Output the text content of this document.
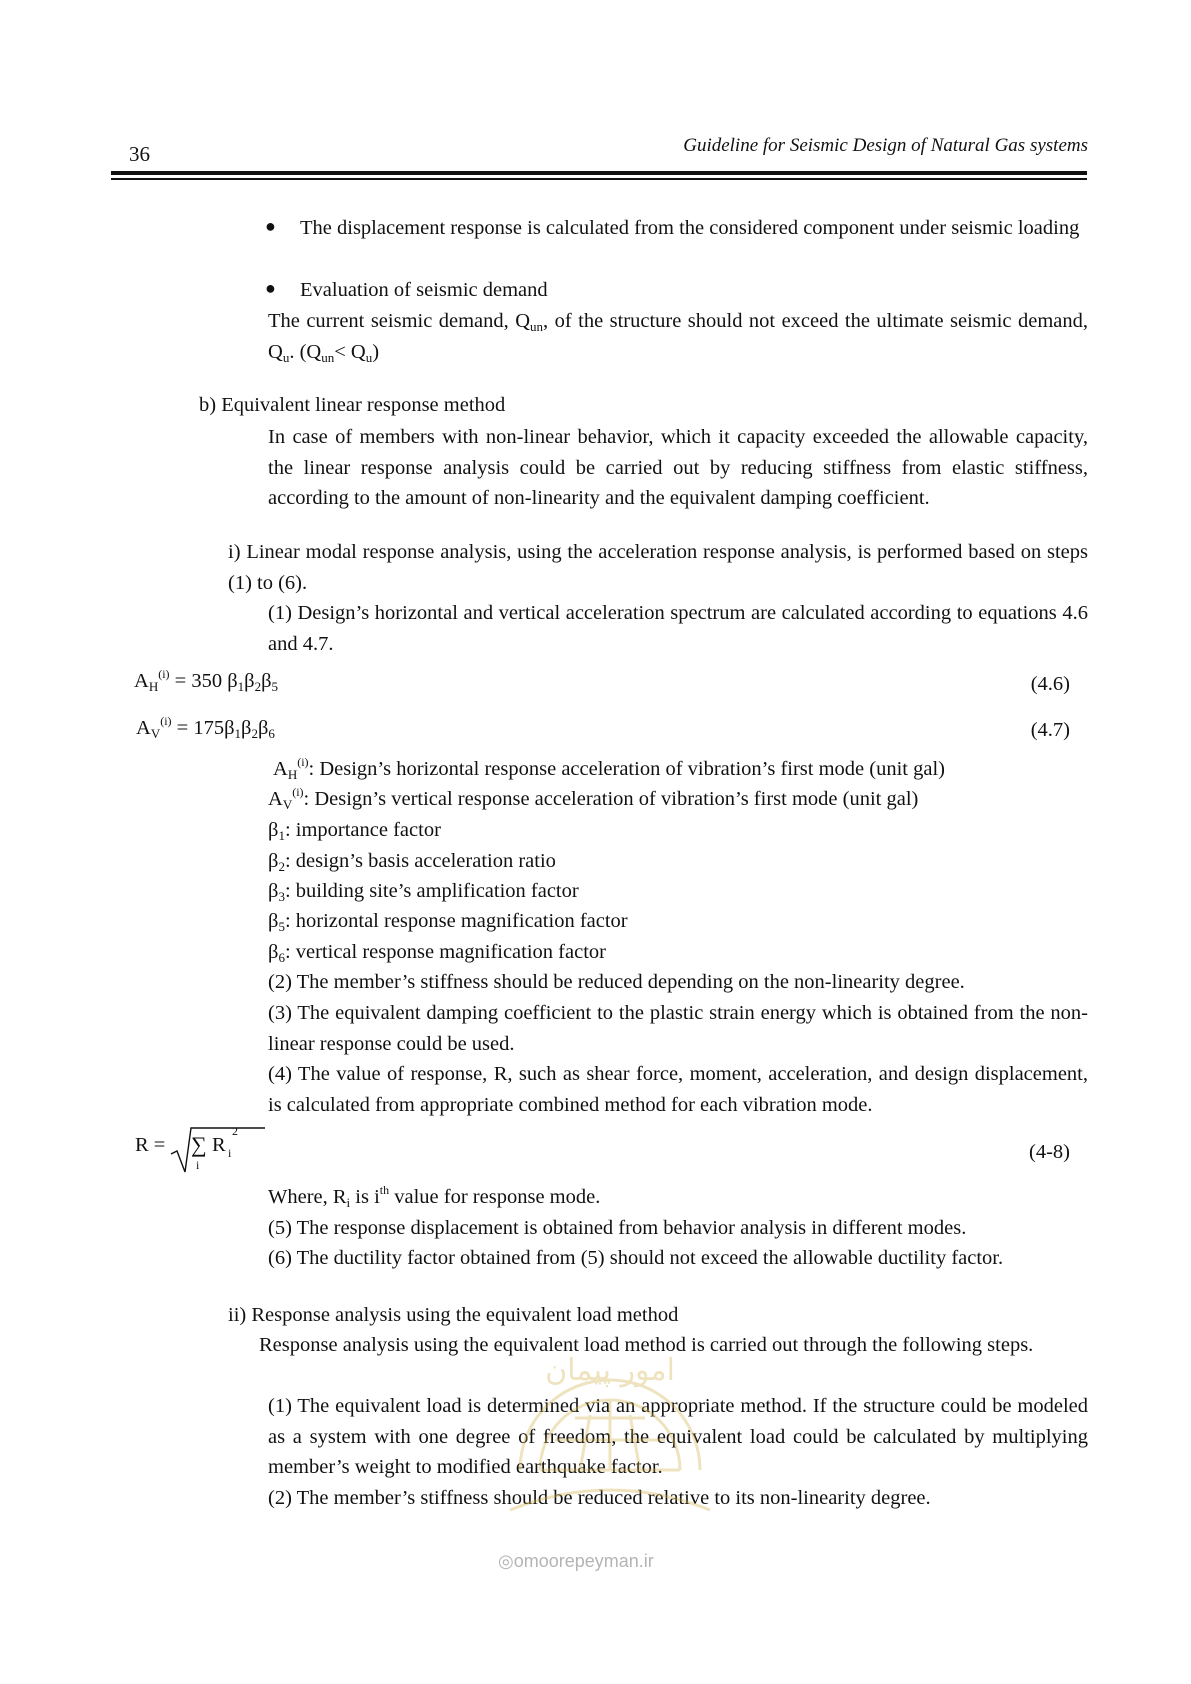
36	Guideline for Seismic Design of Natural Gas systems
● The displacement response is calculated from the considered component under seismic loading
● Evaluation of seismic demand
The current seismic demand, $Q_{un}$, of the structure should not exceed the ultimate seismic demand, $Q_u$. $(Q_{un}< Q_u)$
b) Equivalent linear response method
In case of members with non-linear behavior, which it capacity exceeded the allowable capacity, the linear response analysis could be carried out by reducing stiffness from elastic stiffness, according to the amount of non-linearity and the equivalent damping coefficient.
i) Linear modal response analysis, using the acceleration response analysis, is performed based on steps (1) to (6).
(1) Design’s horizontal and vertical acceleration spectrum are calculated according to equations 4.6 and 4.7.
$A_H^{(i)} = 350$ $\beta_1\beta_2\beta_5$	(4.6)
$A_V^{(i)} = 175\beta_1\beta_2\beta_6$	(4.7)
$A_H^{(i)}$: Design’s horizontal response acceleration of vibration’s first mode (unit gal)
$A_V^{(i)}$: Design’s vertical response acceleration of vibration’s first mode (unit gal)
$\beta_1$: importance factor
$\beta_2$: design’s basis acceleration ratio
$\beta_3$: building site’s amplification factor
$\beta_5$: horizontal response magnification factor
$\beta_6$: vertical response magnification factor
(2) The member’s stiffness should be reduced depending on the non-linearity degree.
(3) The equivalent damping coefficient to the plastic strain energy which is obtained from the non-linear response could be used.
(4) The value of response, R, such as shear force, moment, acceleration, and design displacement, is calculated from appropriate combined method for each vibration mode.
R = ∑
i
R i
2
(4-8)
Where, $R_i$ is $i^{th}$ value for response mode.
(5) The response displacement is obtained from behavior analysis in different modes.
(6) The ductility factor obtained from (5) should not exceed the allowable ductility factor.
ii) Response analysis using the equivalent load method
Response analysis using the equivalent load method is carried out through the following steps.
(1) The equivalent load is determined via an appropriate method. If the structure could be modeled as a system with one degree of freedom, the equivalent load could be calculated by multiplying member’s weight to modified earthquake factor.
(2) The member’s stiffness should be reduced relative to its non-linearity degree.
امور پیمان
◎omoorepeyman.ir
